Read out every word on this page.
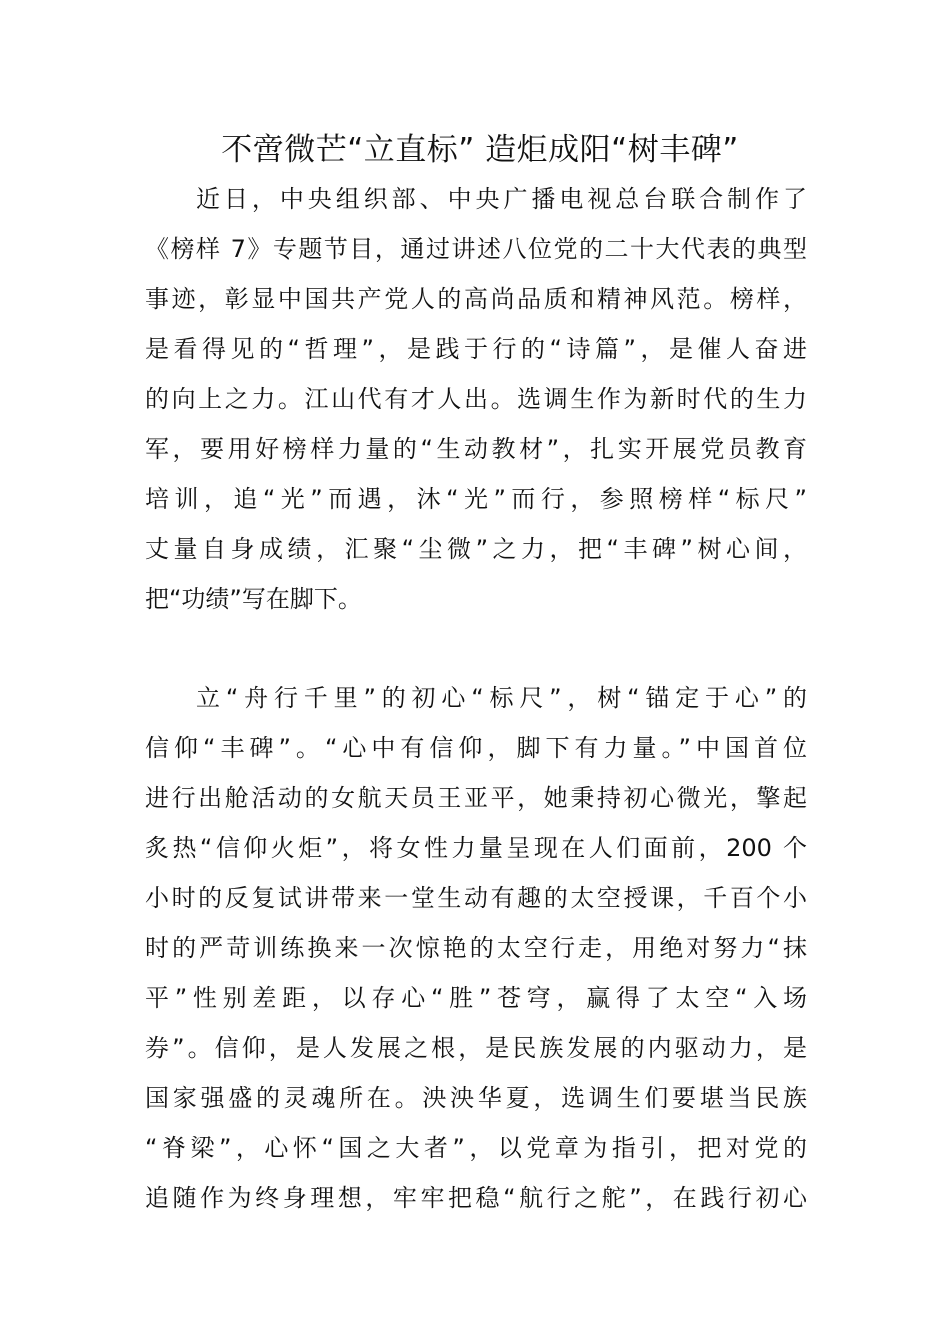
不啻微芒“立直标” 造炬成阳“树丰碑”
近日，中央组织部、中央广播电视总台联合制作了
《榜样 7》专题节目，通过讲述八位党的二十大代表的典型
事迹，彰显中国共产党人的高尚品质和精神风范。榜样，
是看得见的“哲理”，是践于行的“诗篇”，是催人奋进
的向上之力。江山代有才人出。选调生作为新时代的生力
军，要用好榜样力量的“生动教材”，扎实开展党员教育
培训，追“光”而遇，沐“光”而行，参照榜样“标尺”
丈量自身成绩，汇聚“尘微”之力，把“丰碑”树心间，
把“功绩”写在脚下。
立“舟行千里”的初心“标尺”，树“锚定于心”的
信仰“丰碑”。“心中有信仰，脚下有力量。”中国首位
进行出舱活动的女航天员王亚平，她秉持初心微光，擎起
炙热“信仰火炬”，将女性力量呈现在人们面前，200 个
小时的反复试讲带来一堂生动有趣的太空授课，千百个小
时的严苛训练换来一次惊艳的太空行走，用绝对努力“抹
平”性别差距，以存心“胜”苍穹，赢得了太空“入场
券”。信仰，是人发展之根，是民族发展的内驱动力，是
国家强盛的灵魂所在。泱泱华夏，选调生们要堪当民族
“脊梁”，心怀“国之大者”，以党章为指引，把对党的
追随作为终身理想，牢牢把稳“航行之舵”，在践行初心
